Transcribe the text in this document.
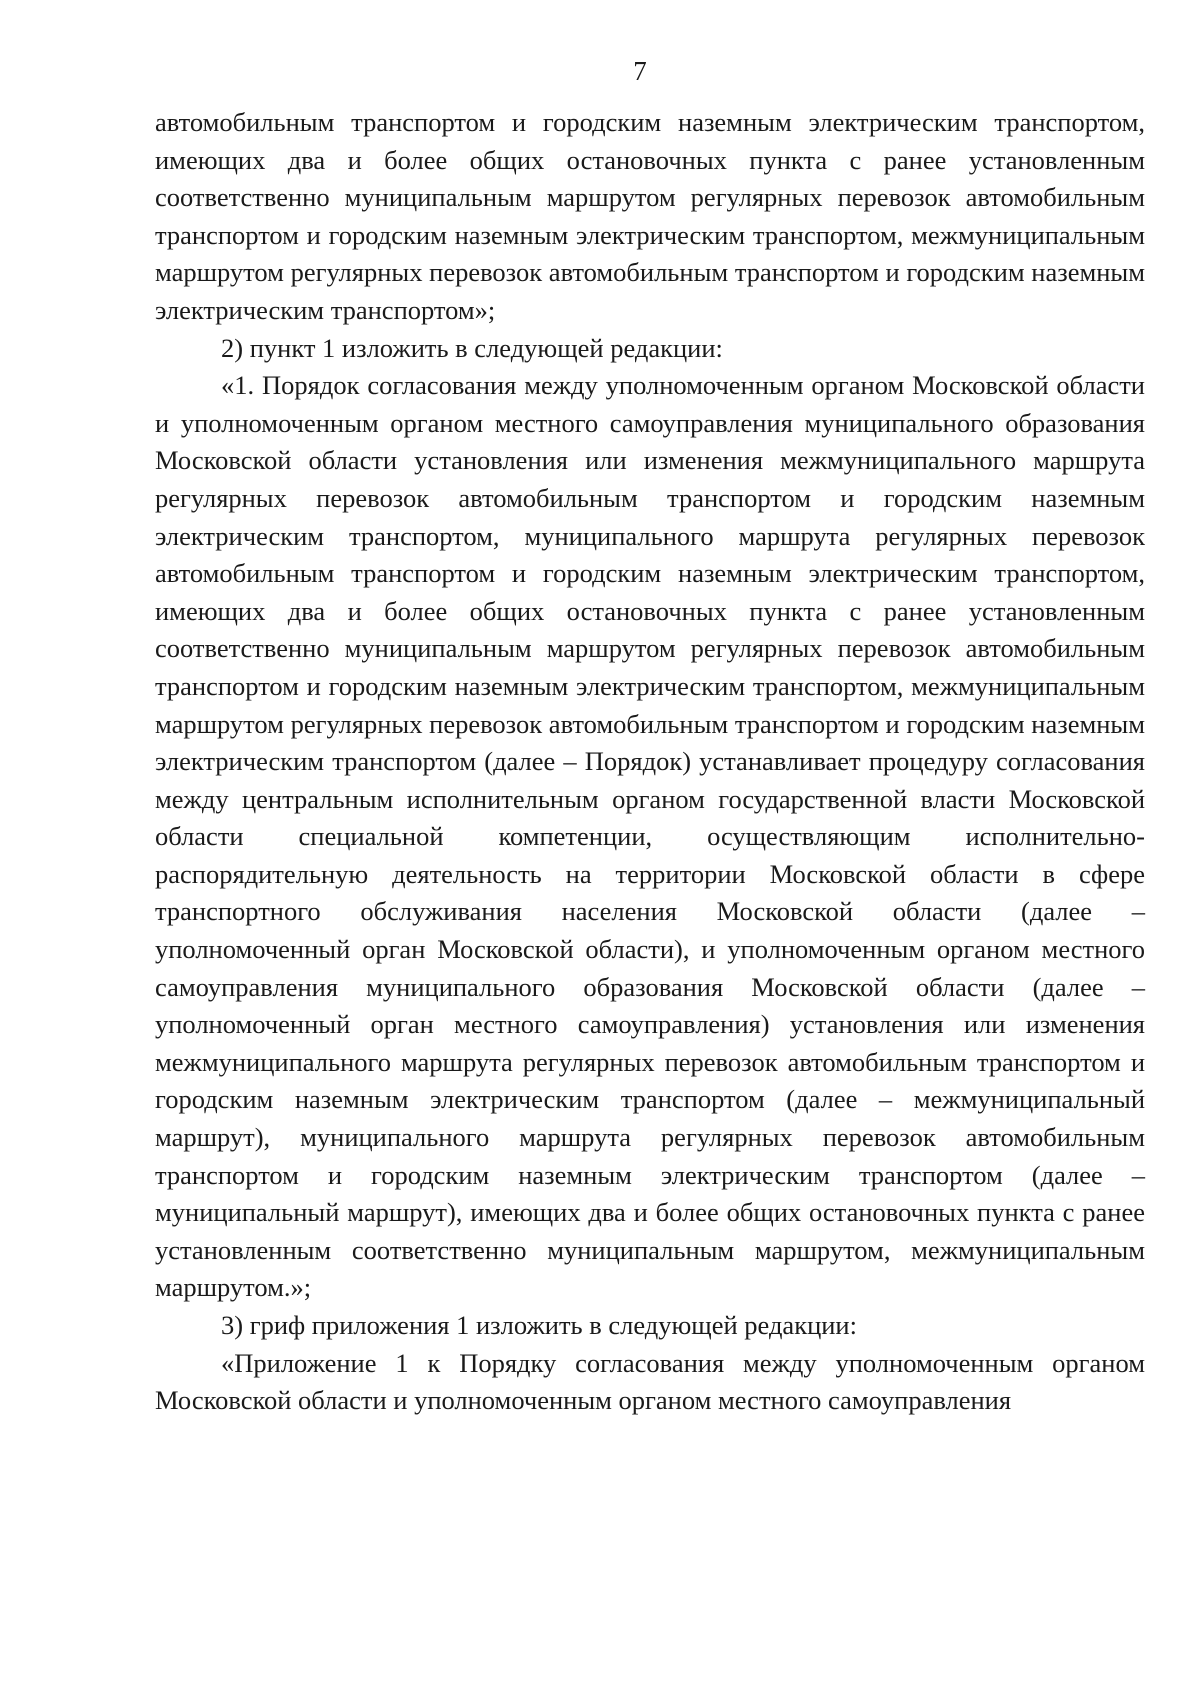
7

автомобильным транспортом и городским наземным электрическим транспортом, имеющих два и более общих остановочных пункта с ранее установленным соответственно муниципальным маршрутом регулярных перевозок автомобильным транспортом и городским наземным электрическим транспортом, межмуниципальным маршрутом регулярных перевозок автомобильным транспортом и городским наземным электрическим транспортом»;

2) пункт 1 изложить в следующей редакции:

«1. Порядок согласования между уполномоченным органом Московской области и уполномоченным органом местного самоуправления муниципального образования Московской области установления или изменения межмуниципального маршрута регулярных перевозок автомобильным транспортом и городским наземным электрическим транспортом, муниципального маршрута регулярных перевозок автомобильным транспортом и городским наземным электрическим транспортом, имеющих два и более общих остановочных пункта с ранее установленным соответственно муниципальным маршрутом регулярных перевозок автомобильным транспортом и городским наземным электрическим транспортом, межмуниципальным маршрутом регулярных перевозок автомобильным транспортом и городским наземным электрическим транспортом (далее – Порядок) устанавливает процедуру согласования между центральным исполнительным органом государственной власти Московской области специальной компетенции, осуществляющим исполнительно-распорядительную деятельность на территории Московской области в сфере транспортного обслуживания населения Московской области (далее – уполномоченный орган Московской области), и уполномоченным органом местного самоуправления муниципального образования Московской области (далее – уполномоченный орган местного самоуправления) установления или изменения межмуниципального маршрута регулярных перевозок автомобильным транспортом и городским наземным электрическим транспортом (далее – межмуниципальный маршрут), муниципального маршрута регулярных перевозок автомобильным транспортом и городским наземным электрическим транспортом (далее – муниципальный маршрут), имеющих два и более общих остановочных пункта с ранее установленным соответственно муниципальным маршрутом, межмуниципальным маршрутом.»;

3) гриф приложения 1 изложить в следующей редакции:

«Приложение 1 к Порядку согласования между уполномоченным органом Московской области и уполномоченным органом местного самоуправления
